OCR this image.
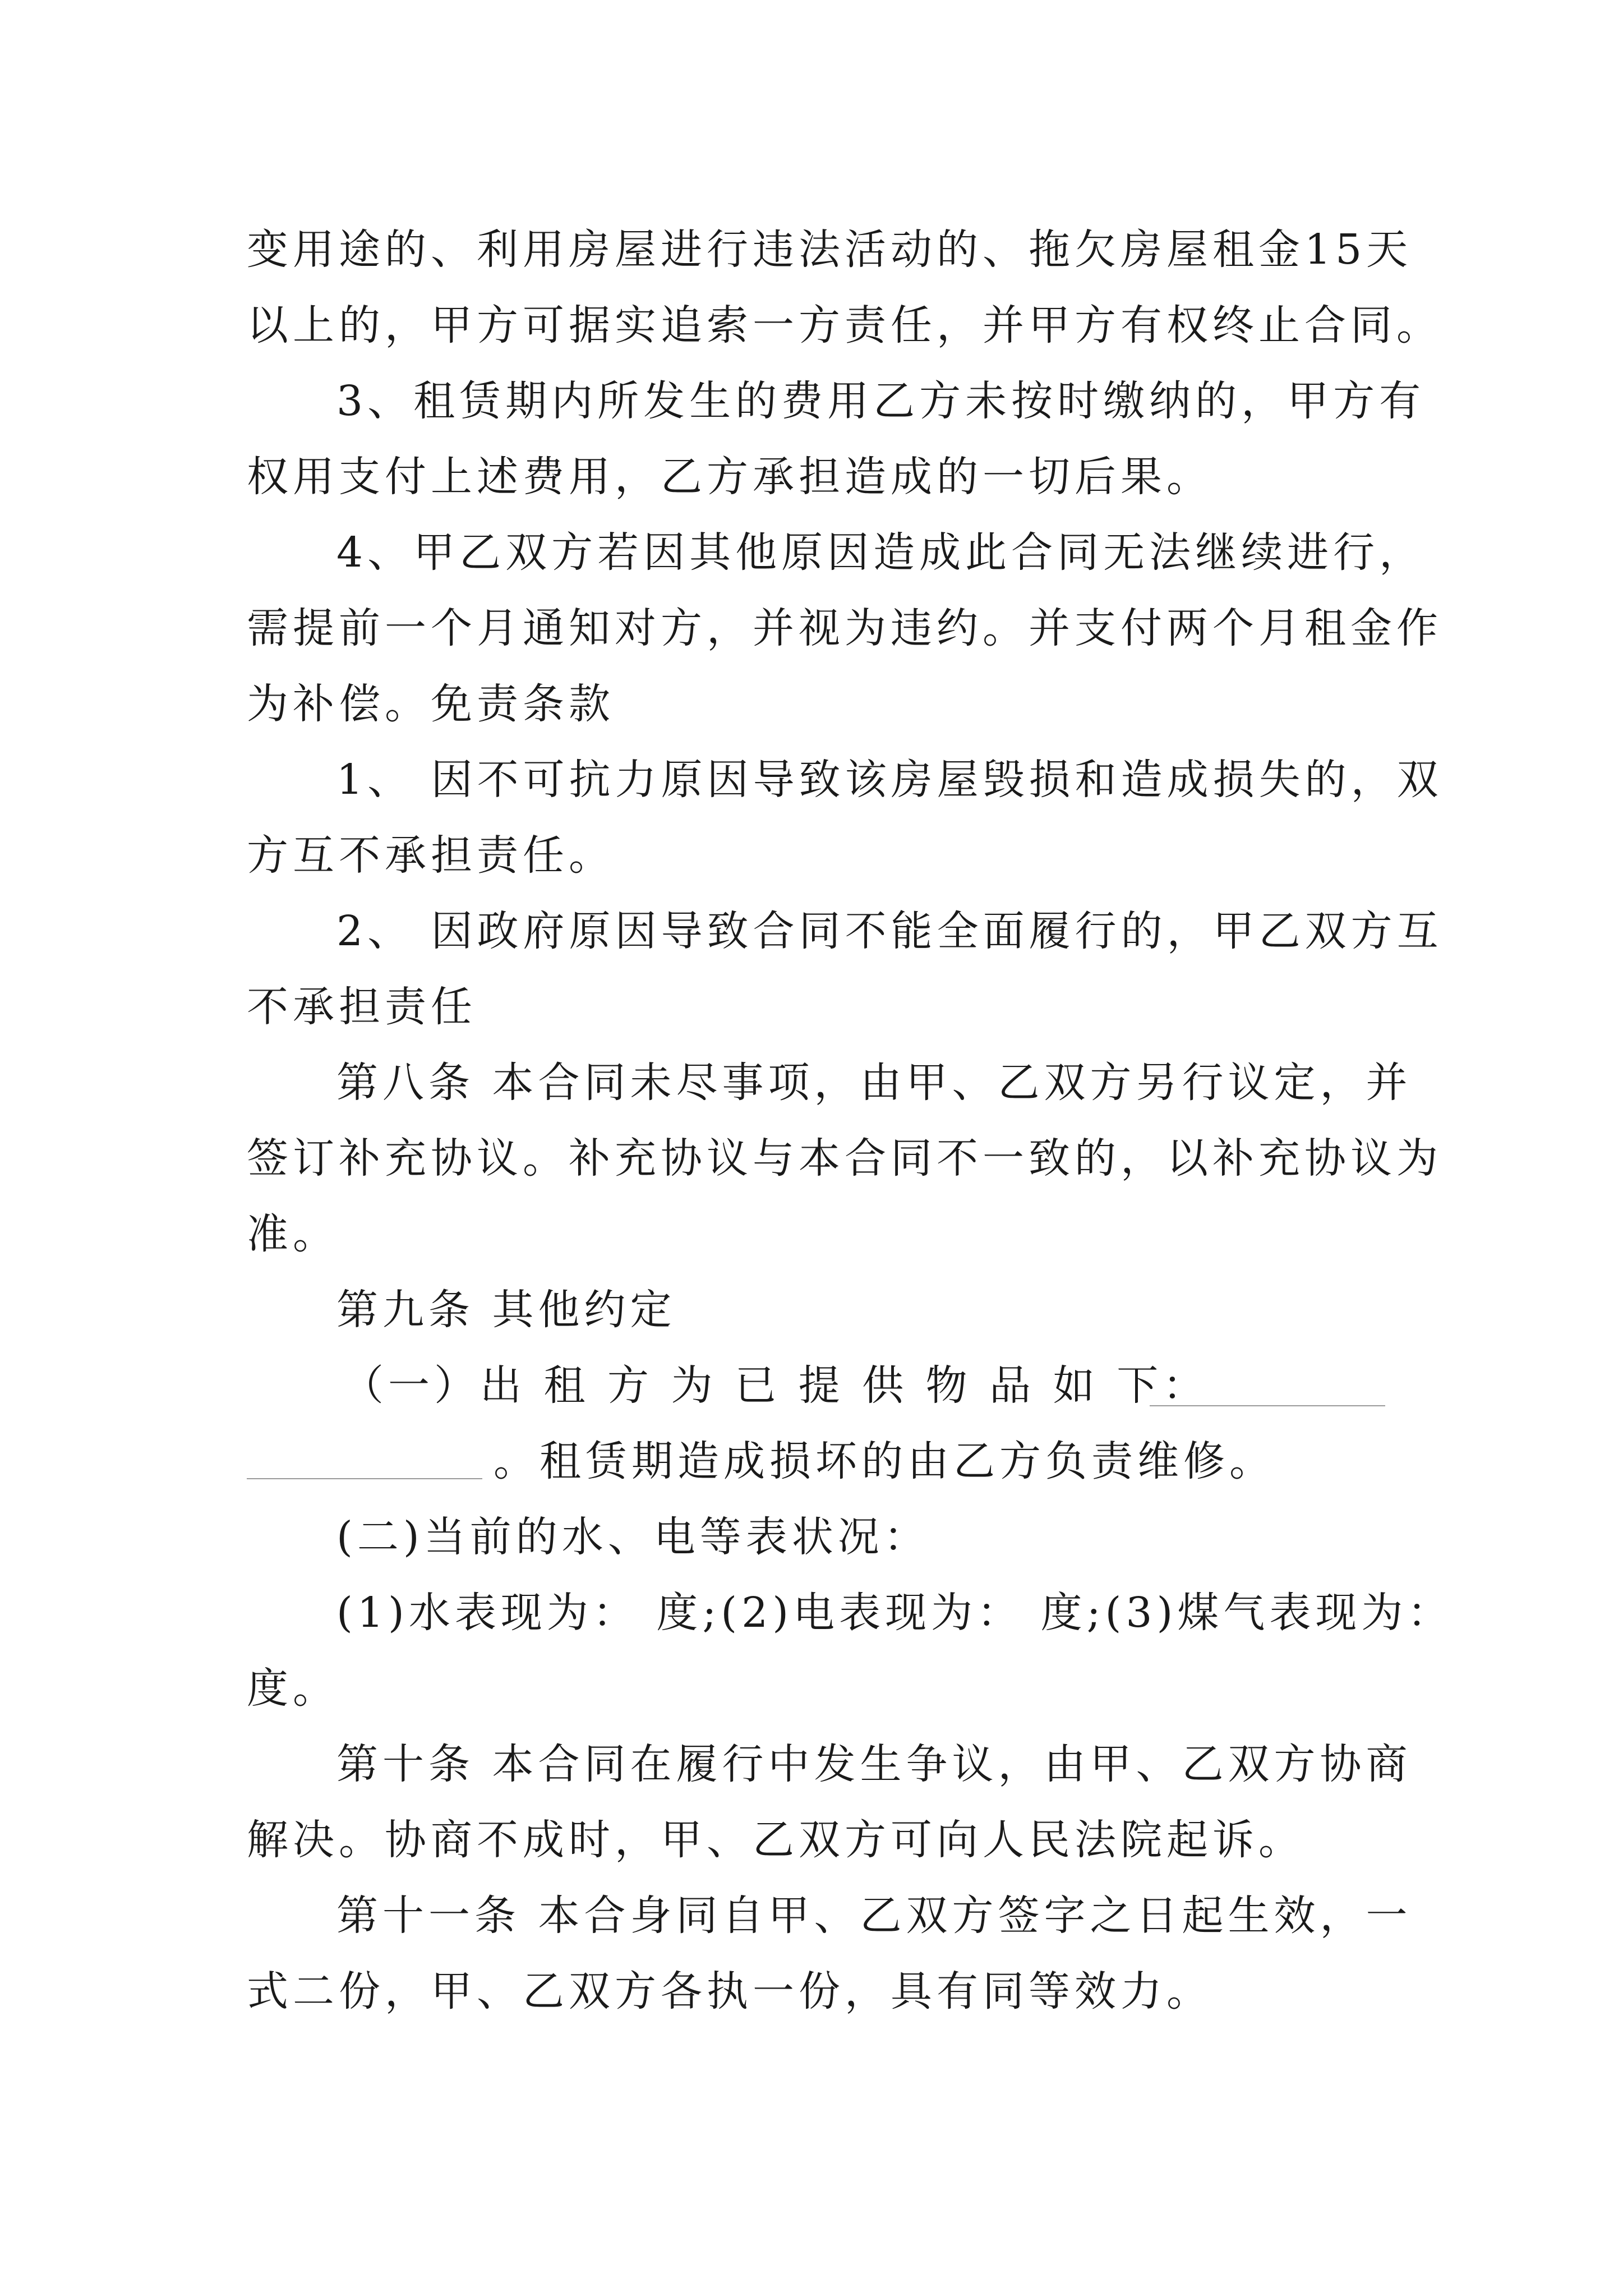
变用途的、利用房屋进行违法活动的、拖欠房屋租金15天
以上的，甲方可据实追索一方责任，并甲方有权终止合同。
3、租赁期内所发生的费用乙方未按时缴纳的，甲方有
权用支付上述费用，乙方承担造成的一切后果。
4、甲乙双方若因其他原因造成此合同无法继续进行，
需提前一个月通知对方，并视为违约。并支付两个月租金作
为补偿。免责条款
1、 因不可抗力原因导致该房屋毁损和造成损失的，双
方互不承担责任。
2、 因政府原因导致合同不能全面履行的，甲乙双方互
不承担责任
第八条 本合同未尽事项，由甲、乙双方另行议定，并
签订补充协议。补充协议与本合同不一致的，以补充协议为
准。
第九条 其他约定
（一）出 租 方 为 已 提 供 物 品 如 下：
。租赁期造成损坏的由乙方负责维修。
(二)当前的水、电等表状况：
(1)水表现为： 度;(2)电表现为： 度;(3)煤气表现为：
度。
第十条 本合同在履行中发生争议，由甲、乙双方协商
解决。协商不成时，甲、乙双方可向人民法院起诉。
第十一条 本合身同自甲、乙双方签字之日起生效，一
式二份，甲、乙双方各执一份，具有同等效力。
